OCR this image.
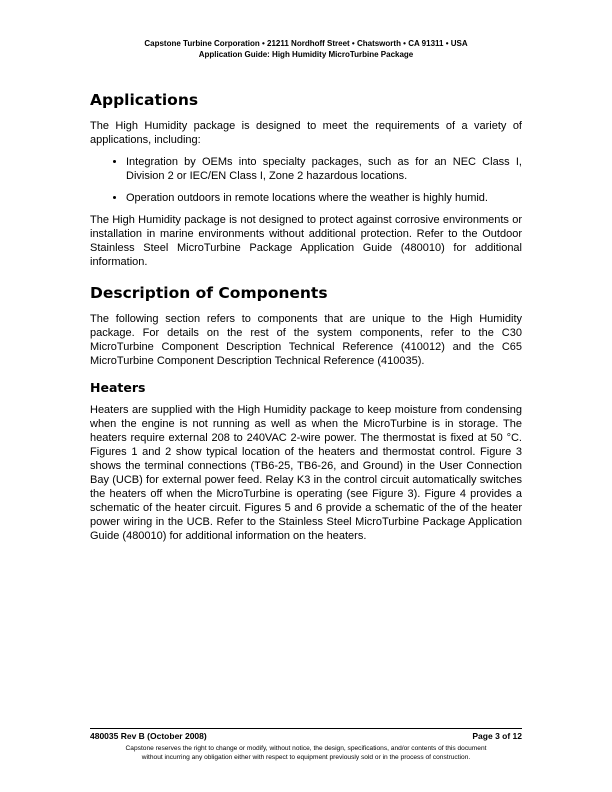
Capstone Turbine Corporation • 21211 Nordhoff Street • Chatsworth • CA 91311 • USA
Application Guide: High Humidity MicroTurbine Package
Applications

The High Humidity package is designed to meet the requirements of a variety of applications, including:

• Integration by OEMs into specialty packages, such as for an NEC Class I, Division 2 or IEC/EN Class I, Zone 2 hazardous locations.
• Operation outdoors in remote locations where the weather is highly humid.

The High Humidity package is not designed to protect against corrosive environments or installation in marine environments without additional protection. Refer to the Outdoor Stainless Steel MicroTurbine Package Application Guide (480010) for additional information.

Description of Components

The following section refers to components that are unique to the High Humidity package. For details on the rest of the system components, refer to the C30 MicroTurbine Component Description Technical Reference (410012) and the C65 MicroTurbine Component Description Technical Reference (410035).

Heaters

Heaters are supplied with the High Humidity package to keep moisture from condensing when the engine is not running as well as when the MicroTurbine is in storage. The heaters require external 208 to 240VAC 2-wire power. The thermostat is fixed at 50 °C. Figures 1 and 2 show typical location of the heaters and thermostat control. Figure 3 shows the terminal connections (TB6-25, TB6-26, and Ground) in the User Connection Bay (UCB) for external power feed. Relay K3 in the control circuit automatically switches the heaters off when the MicroTurbine is operating (see Figure 3). Figure 4 provides a schematic of the heater circuit. Figures 5 and 6 provide a schematic of the of the heater power wiring in the UCB. Refer to the Stainless Steel MicroTurbine Package Application Guide (480010) for additional information on the heaters.

480035 Rev B (October 2008)	Page 3 of 12
Capstone reserves the right to change or modify, without notice, the design, specifications, and/or contents of this document
without incurring any obligation either with respect to equipment previously sold or in the process of construction.
